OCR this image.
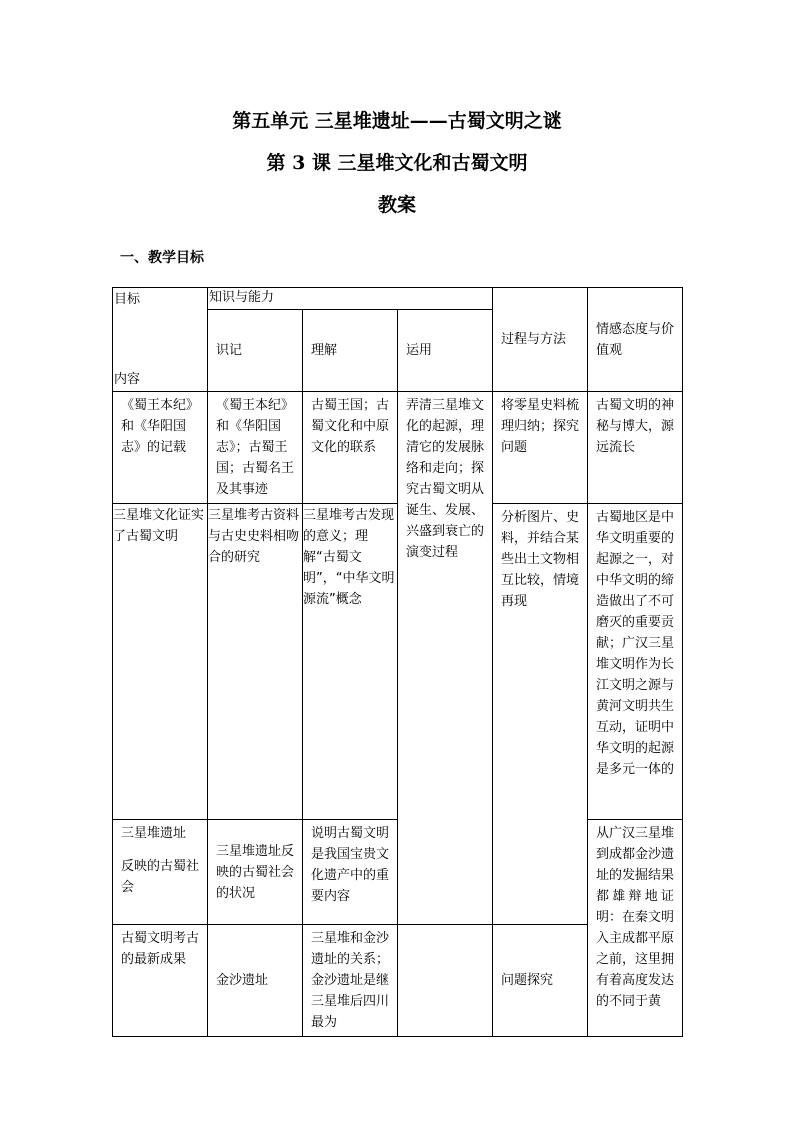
第五单元 三星堆遗址——古蜀文明之谜
第 3 课 三星堆文化和古蜀文明
教案
一、教学目标
目标
内容	知识与能力			过程与方法	情感态度与价值观
	识记	理解	运用		
《蜀王本纪》和《华阳国志》的记载	《蜀王本纪》和《华阳国志》；古蜀王国；古蜀名王及其事迹	古蜀王国；古蜀文化和中原文化的联系	弄清三星堆文化的起源，理清它的发展脉络和走向；探究古蜀文明从诞生、发展、兴盛到衰亡的演变过程	将零星史料梳理归纳；探究问题	古蜀文明的神秘与博大，源远流长
三星堆文化证实了古蜀文明	三星堆考古资料与古史史料相吻合的研究	三星堆考古发现的意义；理解“古蜀文明”，“中华文明源流”概念		分析图片、史料，并结合某些出土文物相互比较，情境再现	古蜀地区是中华文明重要的起源之一，对中华文明的缔造做出了不可磨灭的重要贡献；广汉三星堆文明作为长江文明之源与黄河文明共生互动，证明中华文明的起源是多元一体的

三星堆遗址
反映的古蜀社会	三星堆遗址反映的古蜀社会的状况	说明古蜀文明是我国宝贵文化遗产中的重要内容			从广汉三星堆到成都金沙遗址的发掘结果都雄辩地证明：在秦文明入主成都平原之前，这里拥有着高度发达的不同于黄
古蜀文明考古的最新成果	金沙遗址	三星堆和金沙遗址的关系；金沙遗址是继三星堆后四川最为		问题探究	
